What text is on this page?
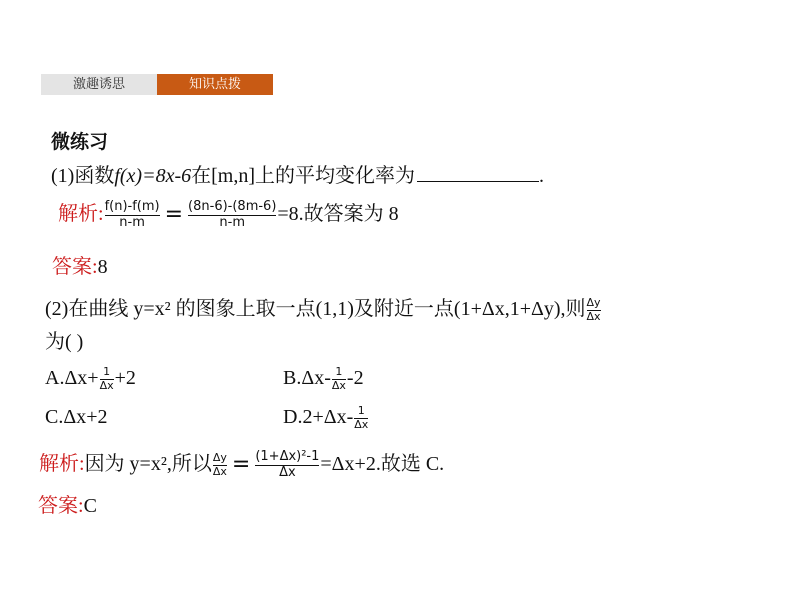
激趣诱思	知识点拨
微练习
(1)函数f(x)=8x-6在[m,n]上的平均变化率为	.
解析: $\frac{f(n)-f(m)}{n-m} = \frac{(8n-6)-(8m-6)}{n-m} =8$.故答案为 8
答案:8
(2)在曲线 y=x² 的图象上取一点(1,1)及附近一点(1+Δx,1+Δy),则 $\frac{\Delta y}{\Delta x}$
为( )
$A.\Delta x+ \frac{1}{\Delta x} +2$	$B.\Delta x- \frac{1}{\Delta x} -2$
C.Δx+2	$D.2+\Delta x- \frac{1}{\Delta x}$
解析:因为 y=x²,所以 $\frac{\Delta y}{\Delta x} = \frac{\text{(1+Δx)²-1}}{\Delta x} =\Delta x+2$.故选 C.
答案:C
